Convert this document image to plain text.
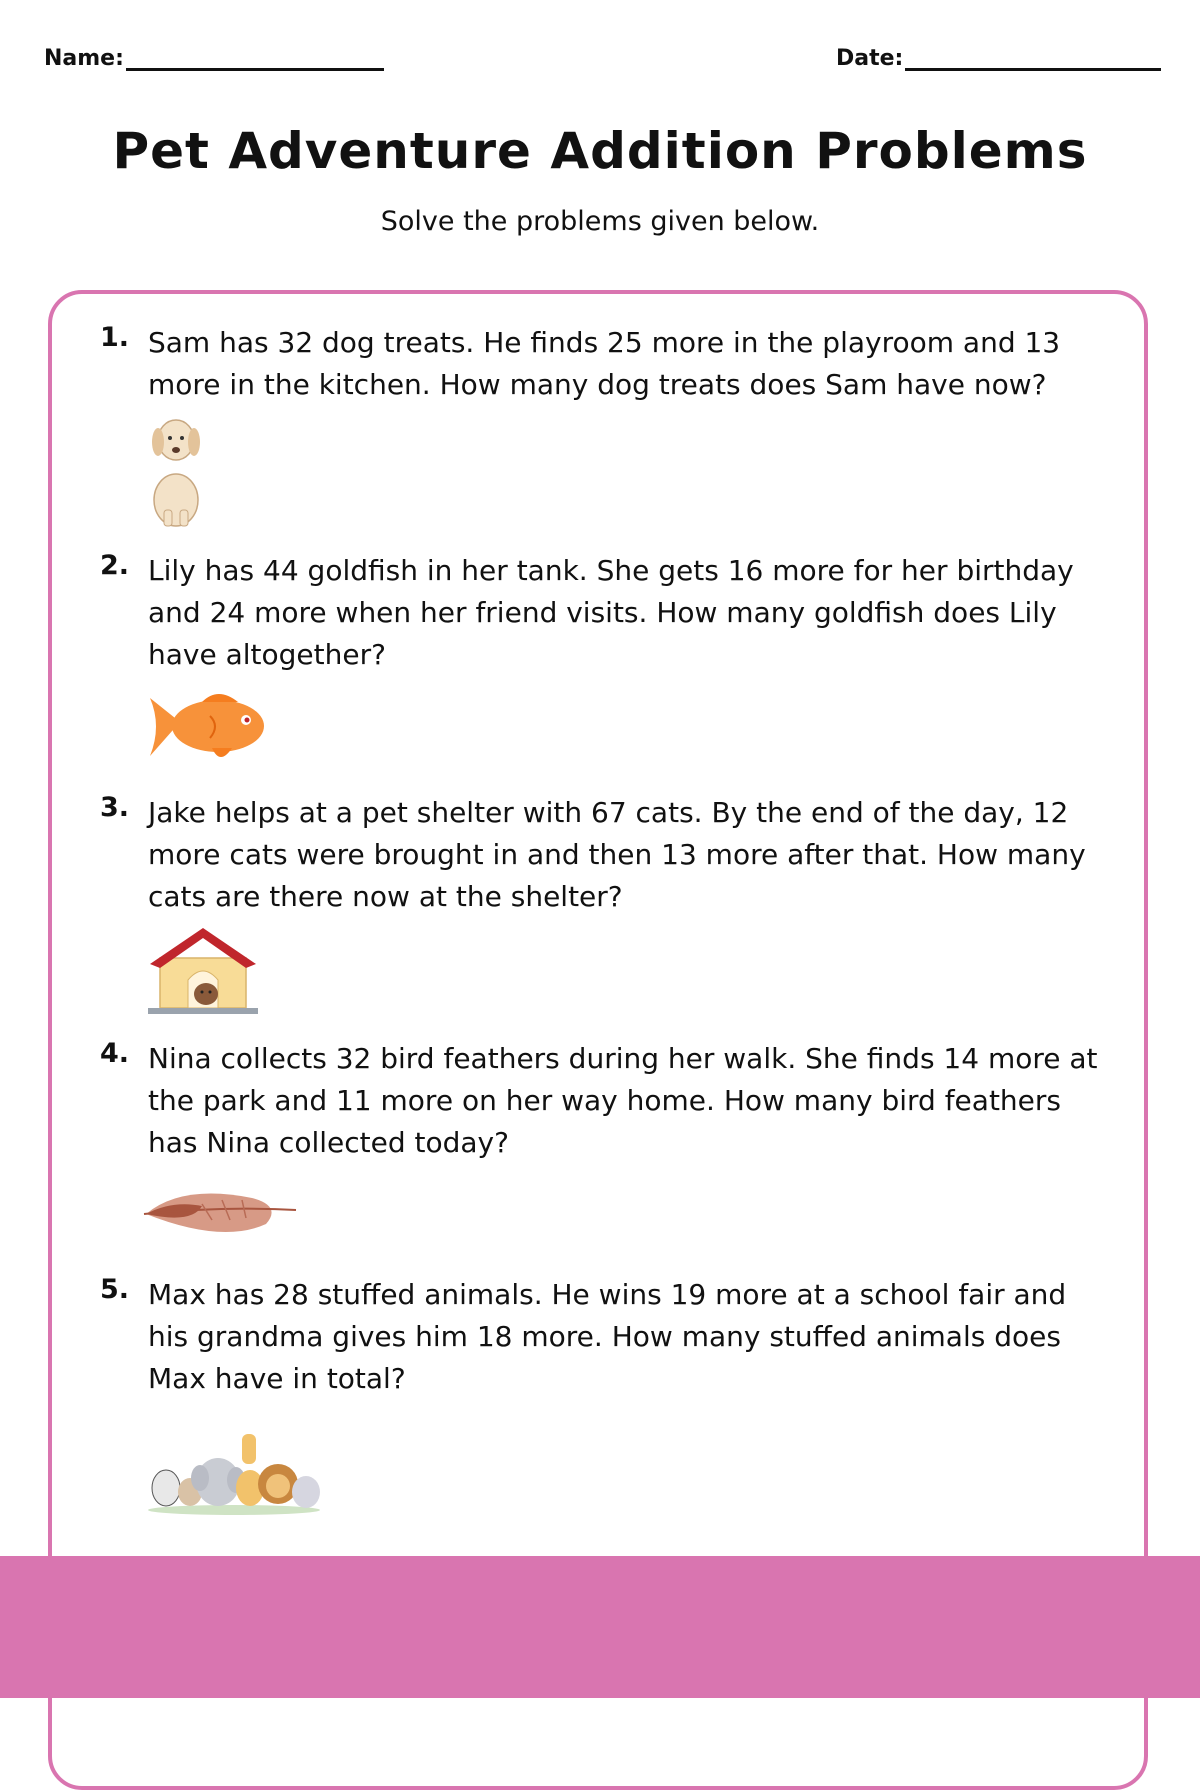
Name:	Date:
Pet Adventure Addition Problems

Solve the problems given below.

1. Sam has 32 dog treats. He finds 25 more in the playroom and 13 more in the kitchen. How many dog treats does Sam have now?
2. Lily has 44 goldfish in her tank. She gets 16 more for her birthday and 24 more when her friend visits. How many goldfish does Lily have altogether?
3. Jake helps at a pet shelter with 67 cats. By the end of the day, 12 more cats were brought in and then 13 more after that. How many cats are there now at the shelter?
4. Nina collects 32 bird feathers during her walk. She finds 14 more at the park and 11 more on her way home. How many bird feathers has Nina collected today?
5. Max has 28 stuffed animals. He wins 19 more at a school fair and his grandma gives him 18 more. How many stuffed animals does Max have in total?
